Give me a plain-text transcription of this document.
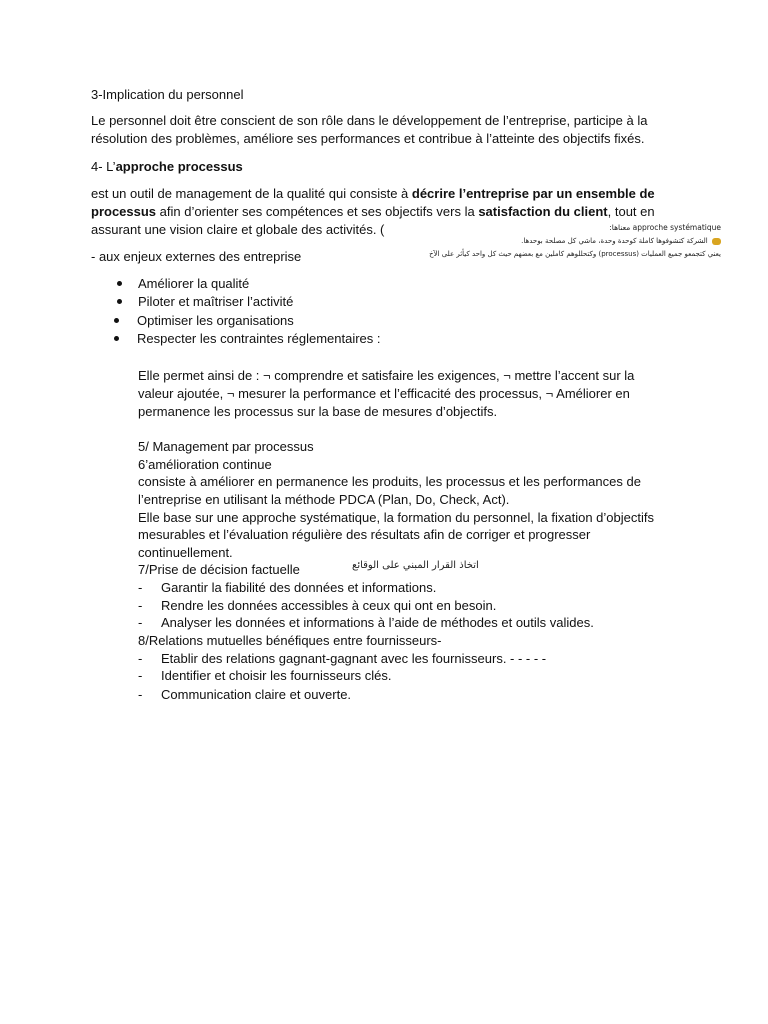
3-Implication du personnel
Le personnel doit être conscient de son rôle dans le développement de l’entreprise, participe à la
résolution des problèmes, améliore ses performances et contribue à l’atteinte des objectifs fixés.
4- L’approche processus
est un outil de management de la qualité qui consiste à décrire l’entreprise par un ensemble de
processus afin d’orienter ses compétences et ses objectifs vers la satisfaction du client, tout en
assurant une vision claire et globale des activités. (
- aux enjeux externes des entreprise
approche systématique معناها:
الشركة كتشوفوها كاملة كوحدة وحدة، ماشي كل مصلحة بوحدها.
يعني كتجمعو جميع العمليات (processus) وكتحللوهم كاملين مع بعضهم حيث كل واحد كيأثر على الآخ
Améliorer la qualité
Piloter et maîtriser l’activité
Optimiser les organisations
Respecter les contraintes réglementaires :
Elle permet ainsi de : ¬ comprendre et satisfaire les exigences, ¬ mettre l’accent sur la
valeur ajoutée, ¬ mesurer la performance et l’efficacité des processus, ¬ Améliorer en
permanence les processus sur la base de mesures d’objectifs.
5/ Management par processus
6’amélioration continue
consiste à améliorer en permanence les produits, les processus et les performances de
l’entreprise en utilisant la méthode PDCA (Plan, Do, Check, Act).
Elle base sur une approche systématique, la formation du personnel, la fixation d’objectifs
mesurables et l’évaluation régulière des résultats afin de corriger et progresser
continuellement.
7/Prise de décision factuelle	اتخاذ القرار المبني على الوقائع
- Garantir la fiabilité des données et informations.
- Rendre les données accessibles à ceux qui ont en besoin.
- Analyser les données et informations à l’aide de méthodes et outils valides.
8/Relations mutuelles bénéfiques entre fournisseurs-
- Etablir des relations gagnant-gagnant avec les fournisseurs. - - - - -
- Identifier et choisir les fournisseurs clés.
- Communication claire et ouverte.
